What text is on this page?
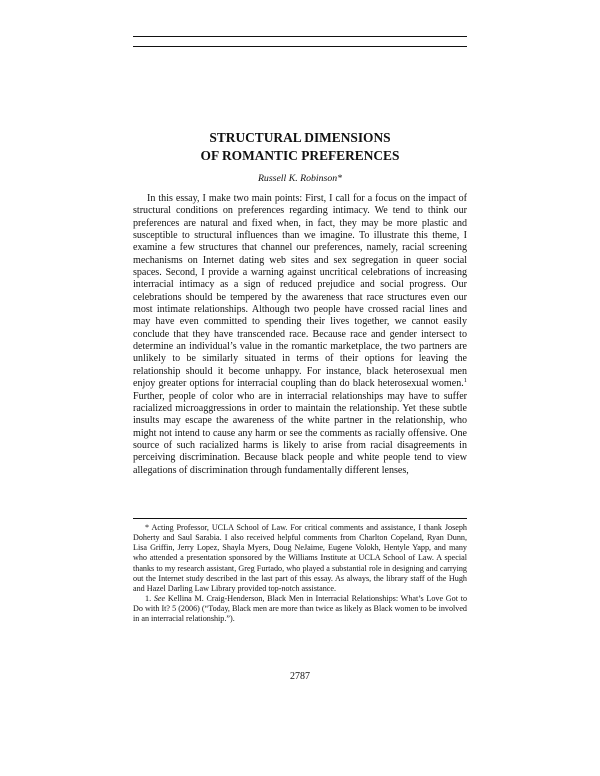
STRUCTURAL DIMENSIONS
OF ROMANTIC PREFERENCES
Russell K. Robinson*

In this essay, I make two main points: First, I call for a focus on the impact of structural conditions on preferences regarding intimacy. We tend to think our preferences are natural and fixed when, in fact, they may be more plastic and susceptible to structural influences than we imagine. To illustrate this theme, I examine a few structures that channel our preferences, namely, racial screening mechanisms on Internet dating web sites and sex segregation in queer social spaces. Second, I provide a warning against uncritical celebrations of increasing interracial intimacy as a sign of reduced prejudice and social progress. Our celebrations should be tempered by the awareness that race structures even our most intimate relationships. Although two people have crossed racial lines and may have even committed to spending their lives together, we cannot easily conclude that they have transcended race. Because race and gender intersect to determine an individual’s value in the romantic marketplace, the two partners are unlikely to be similarly situated in terms of their options for leaving the relationship should it become unhappy. For instance, black heterosexual men enjoy greater options for interracial coupling than do black heterosexual women.$^1$ Further, people of color who are in interracial relationships may have to suffer racialized microaggressions in order to maintain the relationship. Yet these subtle insults may escape the awareness of the white partner in the relationship, who might not intend to cause any harm or see the comments as racially offensive. One source of such racialized harms is likely to arise from racial disagreements in perceiving discrimination. Because black people and white people tend to view allegations of discrimination through fundamentally different lenses,

* Acting Professor, UCLA School of Law. For critical comments and assistance, I thank Joseph Doherty and Saul Sarabia. I also received helpful comments from Charlton Copeland, Ryan Dunn, Lisa Griffin, Jerry Lopez, Shayla Myers, Doug NeJaime, Eugene Volokh, Hentyle Yapp, and many who attended a presentation sponsored by the Williams Institute at UCLA School of Law. A special thanks to my research assistant, Greg Furtado, who played a substantial role in designing and carrying out the Internet study described in the last part of this essay. As always, the library staff of the Hugh and Hazel Darling Law Library provided top-notch assistance.

1. See Kellina M. Craig-Henderson, Black Men in Interracial Relationships: What’s Love Got to Do with It? 5 (2006) (“Today, Black men are more than twice as likely as Black women to be involved in an interracial relationship.”).

2787
